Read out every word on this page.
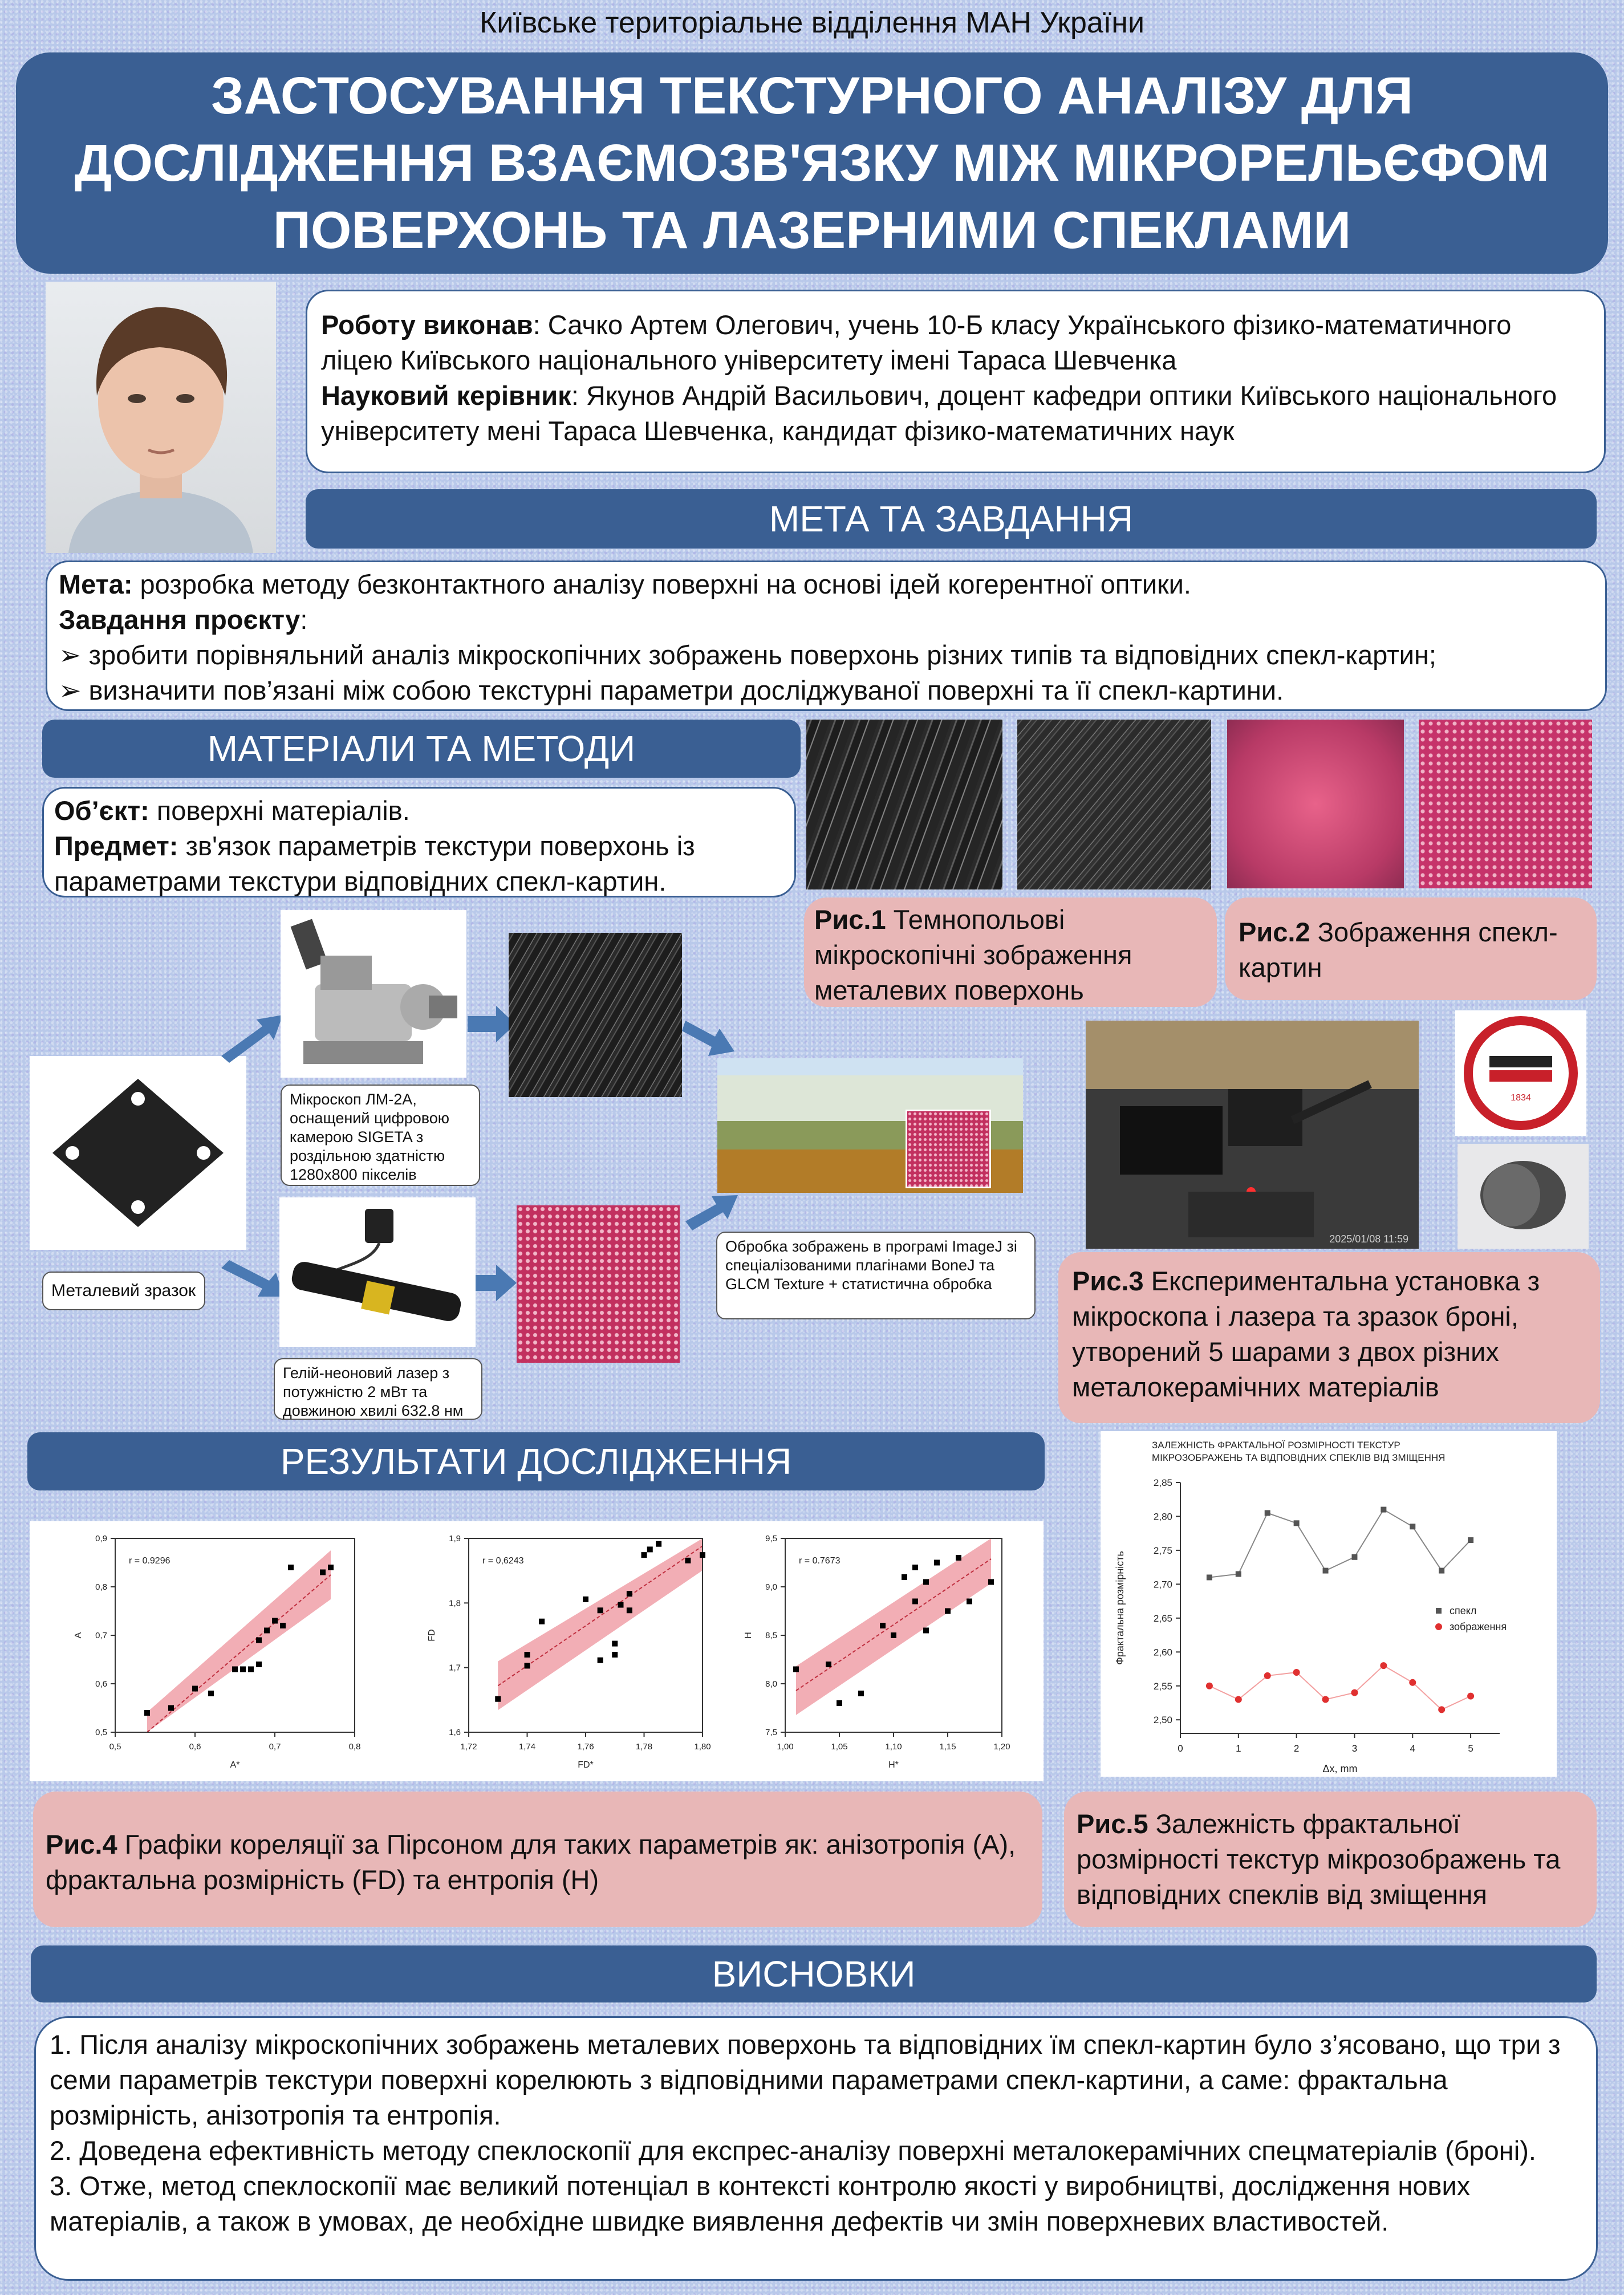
Київське територіальне відділення МАН України
ЗАСТОСУВАННЯ ТЕКСТУРНОГО АНАЛІЗУ ДЛЯ
ДОСЛІДЖЕННЯ ВЗАЄМОЗВ'ЯЗКУ МІЖ МІКРОРЕЛЬЄФОМ
ПОВЕРХОНЬ ТА ЛАЗЕРНИМИ СПЕКЛАМИ
Роботу виконав: Сачко Артем Олегович, учень 10-Б класу Українського фізико-математичного ліцею Київського національного університету імені Тараса Шевченка
Науковий керівник: Якунов Андрій Васильович, доцент кафедри оптики Київського національного університету мені Тараса Шевченка, кандидат фізико-математичних наук
МЕТА ТА ЗАВДАННЯ
Мета: розробка методу безконтактного аналізу поверхні на основі ідей когерентної оптики.
Завдання проєкту:
➢ зробити порівняльний аналіз мікроскопічних зображень поверхонь різних типів та відповідних спекл-картин;
➢ визначити пов’язані між собою текстурні параметри досліджуваної поверхні та її спекл-картини.
МАТЕРІАЛИ ТА МЕТОДИ
Об’єкт: поверхні матеріалів.
Предмет: зв'язок параметрів текстури поверхонь із параметрами текстури відповідних спекл-картин.
Рис.1 Темнопольові мікроскопічні зображення металевих поверхонь
Рис.2 Зображення спекл-картин
Металевий зразок
Мікроскоп ЛМ-2А, оснащений цифровою камерою SIGETA з роздільною здатністю 1280x800 пікселів
Гелій-неоновий лазер з потужністю 2 мВт та довжиною хвилі 632.8 нм
Обробка зображень в програмі ImageJ зі спеціалізованими плагінами BoneJ та GLCM Texture + статистична обробка
2025/01/08 11:59
1834
Рис.3 Експериментальна установка з мікроскопа і лазера та зразок броні, утворений 5 шарами з двох різних металокерамічних матеріалів
РЕЗУЛЬТАТИ ДОСЛІДЖЕННЯ
0,5	0,6	0,7	0,8
0,5
0,6
0,7
0,8
0,9
A*
A
r = 0.9296
1,72	1,74	1,76	1,78	1,80
1,6
1,7
1,8
1,9
FD*
FD
r = 0,6243
1,00	1,05	1,10	1,15	1,20
7,5
8,0
8,5
9,0
9,5
H*
H
r = 0.7673
ЗАЛЕЖНІСТЬ ФРАКТАЛЬНОЇ РОЗМІРНОСТІ ТЕКСТУР
МІКРОЗОБРАЖЕНЬ ТА ВІДПОВІДНИХ СПЕКЛІВ ВІД ЗМІЩЕННЯ
0	1	2	3	4	5
2,50
2,55
2,60
2,65
2,70
2,75
2,80
2,85
Δx, mm
Фрактальна розмірність	спекл
зображення
Рис.4 Графіки кореляції за Пірсоном для таких параметрів як: анізотропія (A), фрактальна розмірність (FD) та ентропія (H)
Рис.5 Залежність фрактальної розмірності текстур мікрозображень та відповідних спеклів від зміщення
ВИСНОВКИ
1. Після аналізу мікроскопічних зображень металевих поверхонь та відповідних їм спекл-картин було з’ясовано, що три з семи параметрів текстури поверхні корелюють з відповідними параметрами спекл-картини, а саме: фрактальна розмірність, анізотропія та ентропія.
2. Доведена ефективність методу спеклоскопії для експрес-аналізу поверхні металокерамічних спецматеріалів (броні).
3. Отже, метод спеклоскопії має великий потенціал в контексті контролю якості у виробництві, дослідження нових матеріалів, а також в умовах, де необхідне швидке виявлення дефектів чи змін поверхневих властивостей.
